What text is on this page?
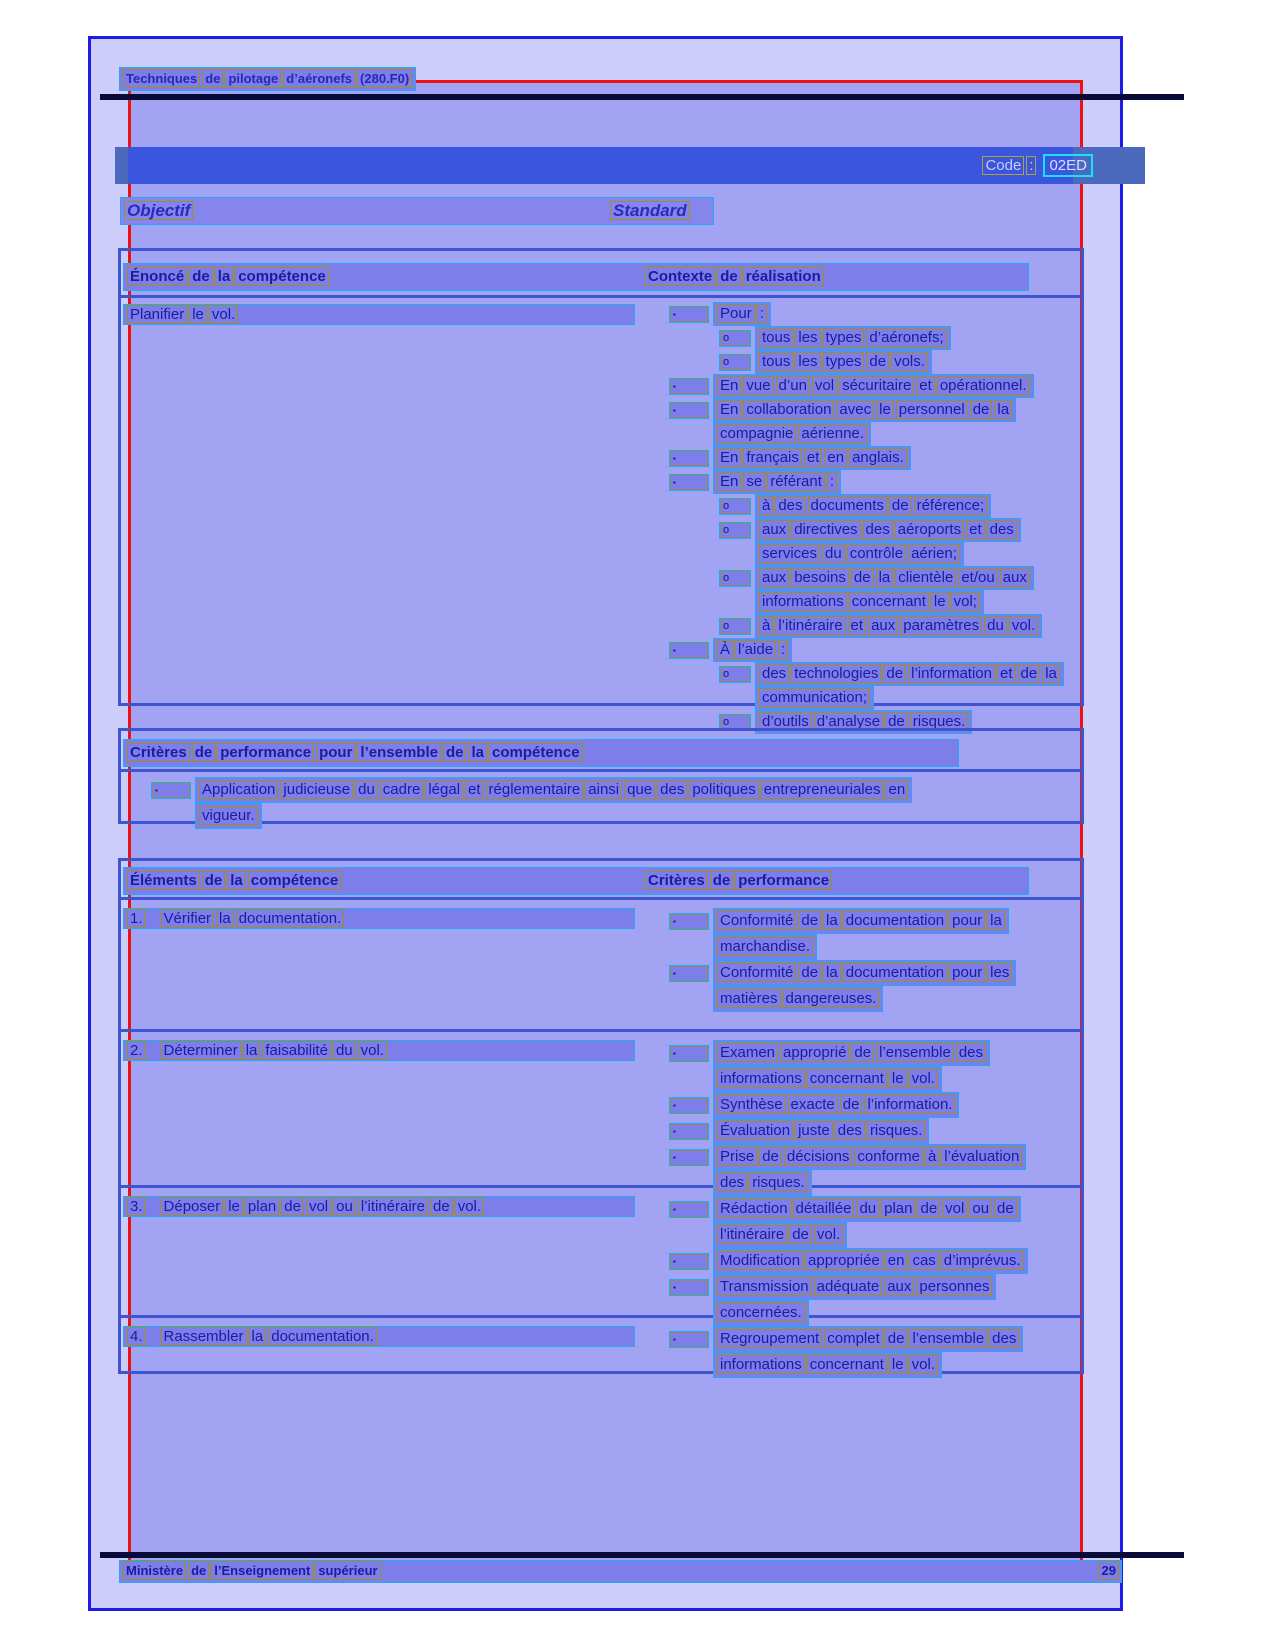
Techniques de pilotage d’aéronefs (280.F0)
Code :	02ED
Objectif	Standard
Énoncé de la compétence	Contexte de réalisation
Planifier le vol.	▪	Pour :
o tous les types d’aéronefs;
o tous les types de vols.
▪	En vue d’un vol sécuritaire et opérationnel.
▪	En collaboration avec le personnel de la
compagnie aérienne.
▪	En français et en anglais.
▪	En se référant :
o à des documents de référence;
o aux directives des aéroports et des
services du contrôle aérien;
o aux besoins de la clientèle et/ou aux
informations concernant le vol;
o à l’itinéraire et aux paramètres du vol.
▪	À l’aide :
o des technologies de l’information et de la
communication;
o d’outils d’analyse de risques.
Critères de performance pour l’ensemble de la compétence
▪	Application judicieuse du cadre légal et réglementaire ainsi que des politiques entrepreneuriales en
vigueur.
Éléments de la compétence	Critères de performance
1. Vérifier la documentation.	▪	Conformité de la documentation pour la
marchandise.
▪	Conformité de la documentation pour les
matières dangereuses.
2. Déterminer la faisabilité du vol.	▪	Examen approprié de l’ensemble des
informations concernant le vol.
▪	Synthèse exacte de l’information.
▪	Évaluation juste des risques.
▪	Prise de décisions conforme à l’évaluation
des risques.
3. Déposer le plan de vol ou l’itinéraire de vol.	▪	Rédaction détaillée du plan de vol ou de
l’itinéraire de vol.
▪	Modification appropriée en cas d’imprévus.
▪	Transmission adéquate aux personnes
concernées.
4. Rassembler la documentation.	▪	Regroupement complet de l’ensemble des
informations concernant le vol.
Ministère de l’Enseignement supérieur	29
